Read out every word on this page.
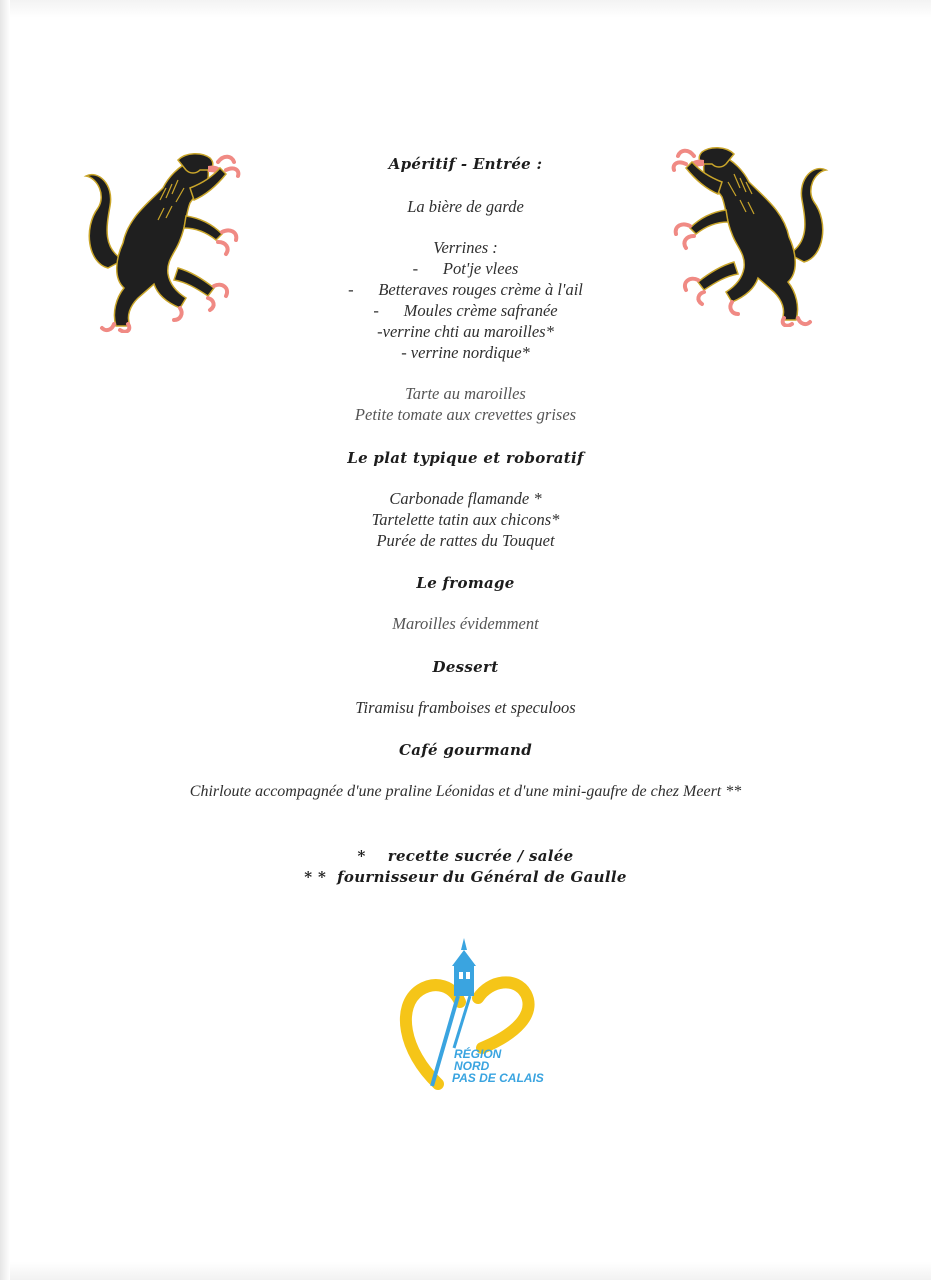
Apéritif - Entrée :
La bière de garde
Verrines :
-      Pot'je vlees
-      Betteraves rouges crème à l'ail
-      Moules crème safranée
-verrine chti au maroilles*
- verrine nordique*
Tarte au maroilles
Petite tomate aux crevettes grises
Le plat typique et roboratif
Carbonade flamande *
Tartelette tatin aux chicons*
Purée de rattes du Touquet
Le fromage
Maroilles évidemment
Dessert
Tiramisu framboises et speculoos
Café gourmand
Chirloute accompagnée d'une praline Léonidas et d'une mini-gaufre de chez Meert **
*    recette sucrée / salée
* *  fournisseur du Général de Gaulle
RÉGION
NORD
PAS DE CALAIS
